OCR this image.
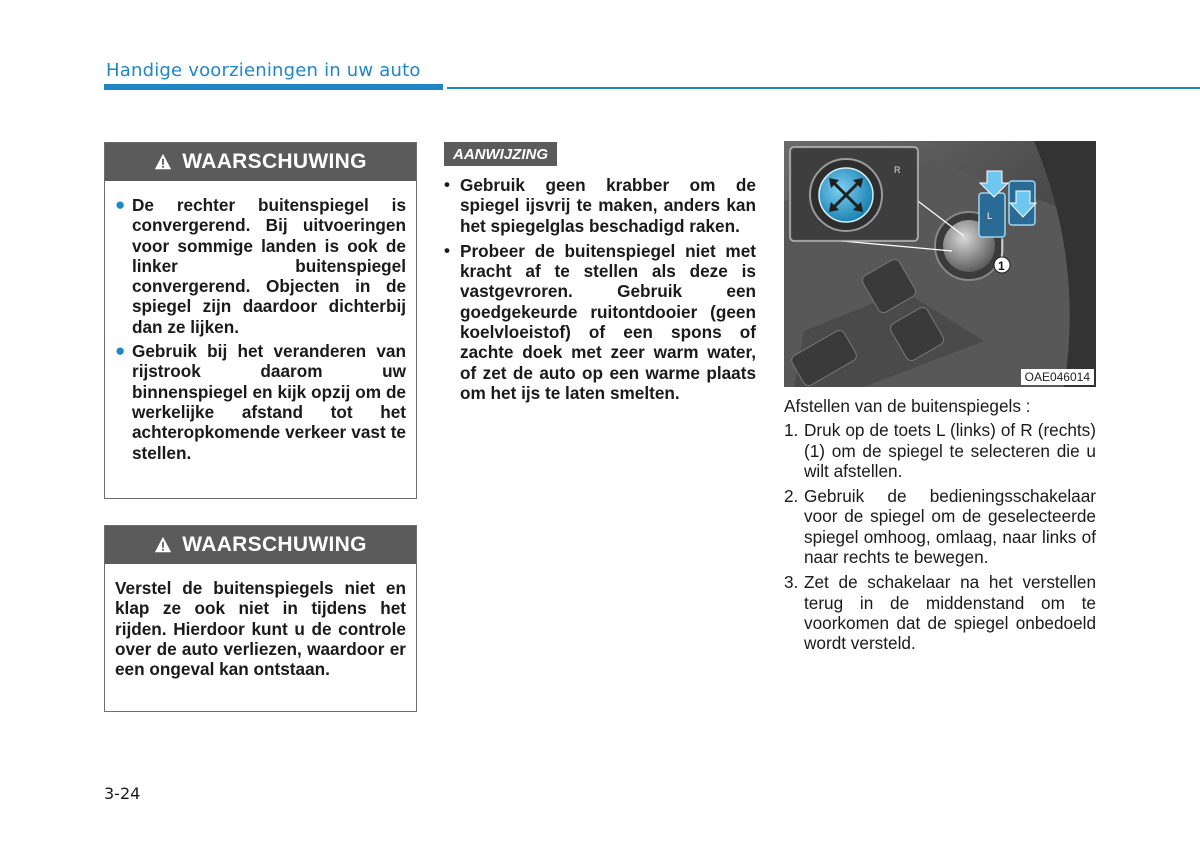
Handige voorzieningen in uw auto
WAARSCHUWING
● De rechter buitenspiegel is convergerend. Bij uitvoeringen voor sommige landen is ook de linker buitenspiegel convergerend. Objecten in de spiegel zijn daardoor dichterbij dan ze lijken.
● Gebruik bij het veranderen van rijstrook daarom uw binnenspiegel en kijk opzij om de werkelijke afstand tot het achteropkomende verkeer vast te stellen.
WAARSCHUWING
Verstel de buitenspiegels niet en klap ze ook niet in tijdens het rijden. Hierdoor kunt u de controle over de auto verliezen, waardoor er een ongeval kan ontstaan.
AANWIJZING
• Gebruik geen krabber om de spiegel ijsvrij te maken, anders kan het spiegelglas beschadigd raken.
• Probeer de buitenspiegel niet met kracht af te stellen als deze is vastgevroren. Gebruik een goedgekeurde ruitontdooier (geen koelvloeistof) of een spons of zachte doek met zeer warm water, of zet de auto op een warme plaats om het ijs te laten smelten.
L
R
1
OAE046014
Afstellen van de buitenspiegels :
1. Druk op de toets L (links) of R (rechts) (1) om de spiegel te selecteren die u wilt afstellen.
2. Gebruik de bedieningsschakelaar voor de spiegel om de geselecteerde spiegel omhoog, omlaag, naar links of naar rechts te bewegen.
3. Zet de schakelaar na het verstellen terug in de middenstand om te voorkomen dat de spiegel onbedoeld wordt versteld.
3-24
